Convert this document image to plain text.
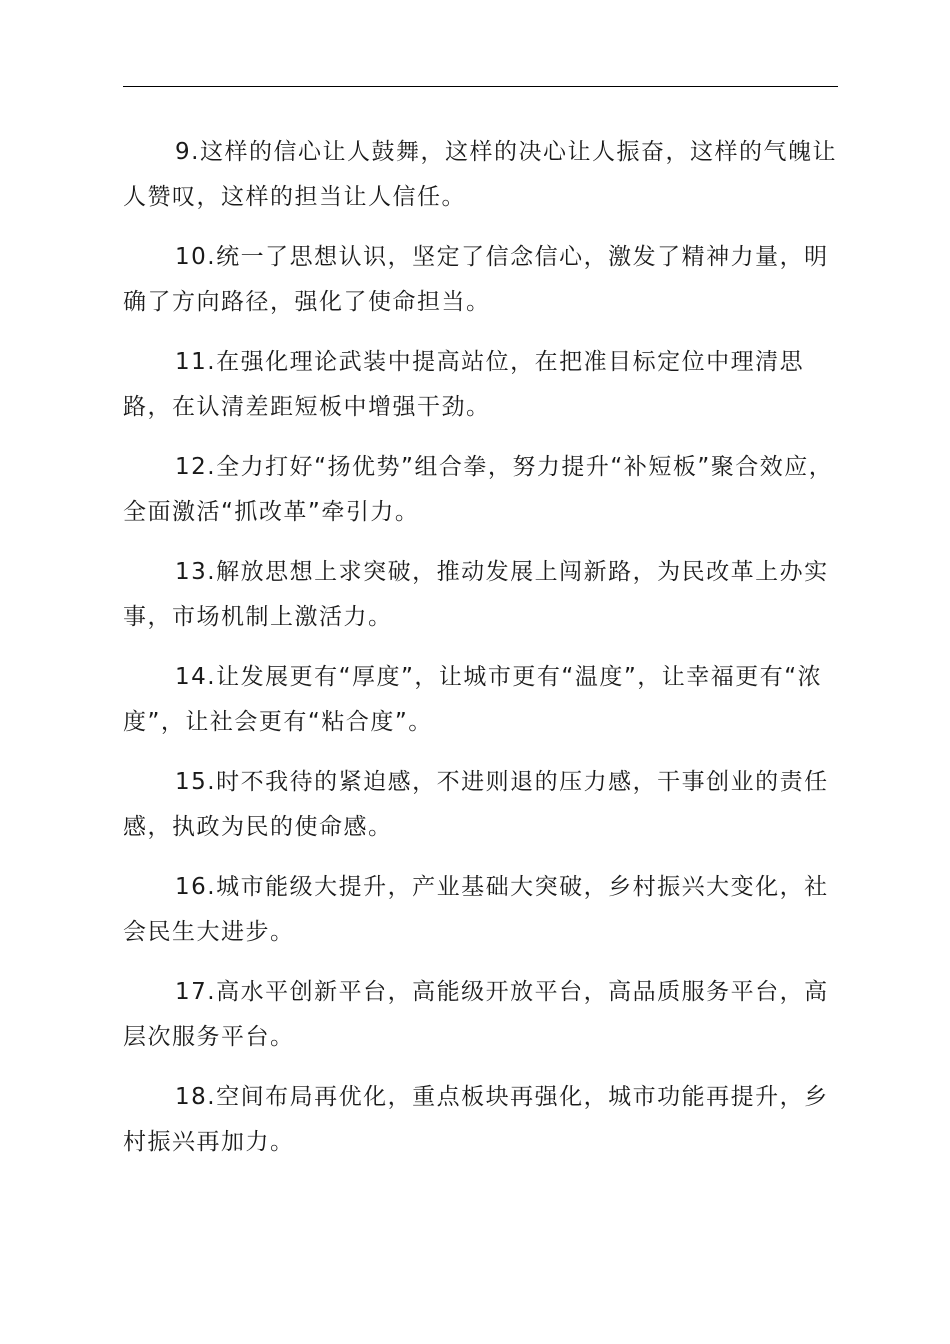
9.这样的信心让人鼓舞，这样的决心让人振奋，这样的气魄让人赞叹，这样的担当让人信任。

10.统一了思想认识，坚定了信念信心，激发了精神力量，明确了方向路径，强化了使命担当。

11.在强化理论武装中提高站位，在把准目标定位中理清思路，在认清差距短板中增强干劲。

12.全力打好“扬优势”组合拳，努力提升“补短板”聚合效应，全面激活“抓改革”牵引力。

13.解放思想上求突破，推动发展上闯新路，为民改革上办实事，市场机制上激活力。

14.让发展更有“厚度”，让城市更有“温度”，让幸福更有“浓度”，让社会更有“粘合度”。

15.时不我待的紧迫感，不进则退的压力感，干事创业的责任感，执政为民的使命感。

16.城市能级大提升，产业基础大突破，乡村振兴大变化，社会民生大进步。

17.高水平创新平台，高能级开放平台，高品质服务平台，高层次服务平台。

18.空间布局再优化，重点板块再强化，城市功能再提升，乡村振兴再加力。
